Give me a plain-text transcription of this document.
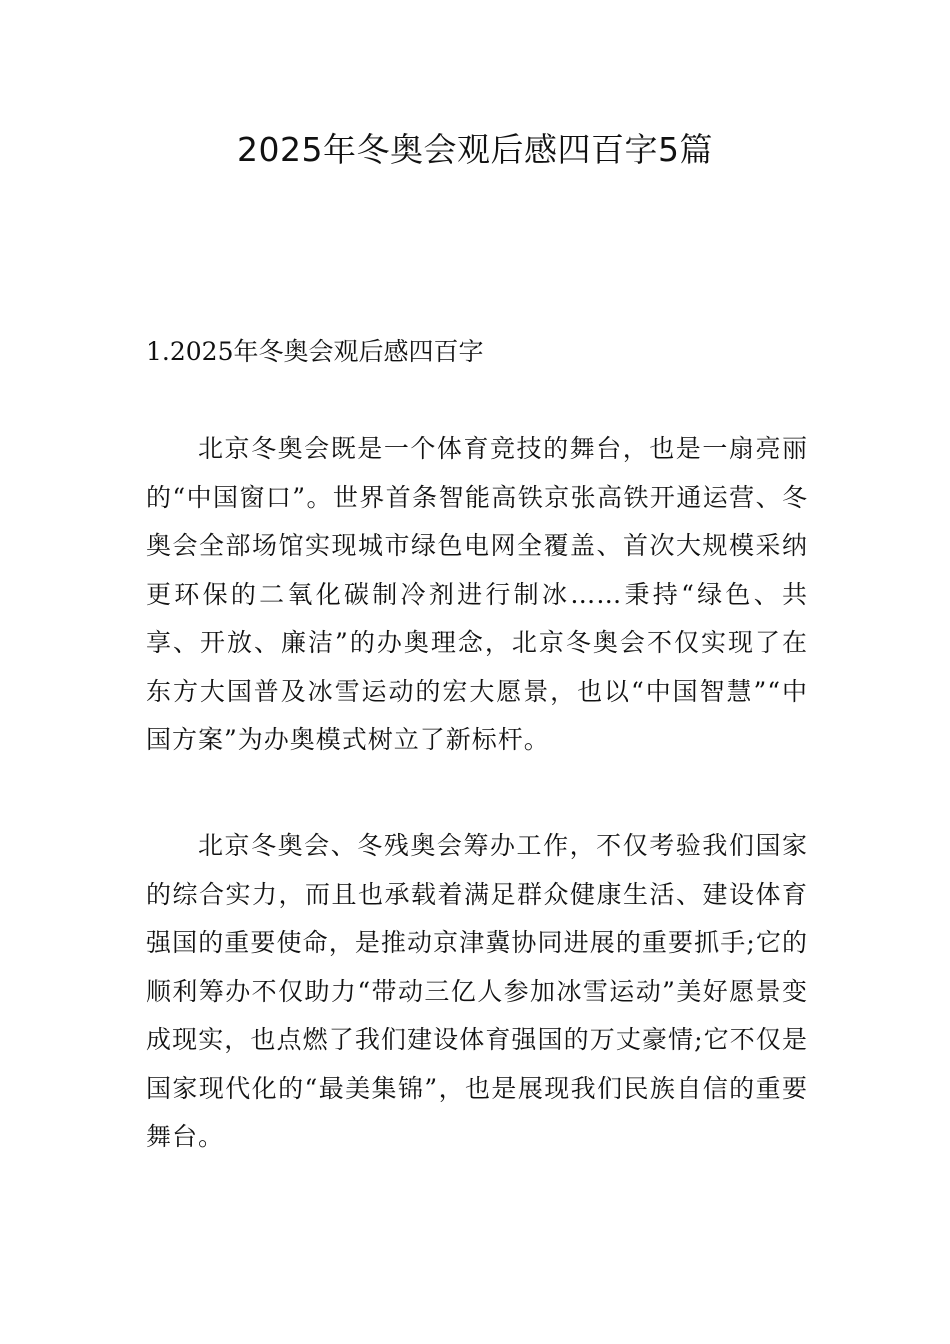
2025年冬奥会观后感四百字5篇
1.2025年冬奥会观后感四百字

北京冬奥会既是一个体育竞技的舞台，也是一扇亮丽的“中国窗口”。世界首条智能高铁京张高铁开通运营、冬奥会全部场馆实现城市绿色电网全覆盖、首次大规模采纳更环保的二氧化碳制冷剂进行制冰……秉持“绿色、共享、开放、廉洁”的办奥理念，北京冬奥会不仅实现了在东方大国普及冰雪运动的宏大愿景，也以“中国智慧”“中国方案”为办奥模式树立了新标杆。

北京冬奥会、冬残奥会筹办工作，不仅考验我们国家的综合实力，而且也承载着满足群众健康生活、建设体育强国的重要使命，是推动京津冀协同进展的重要抓手;它的顺利筹办不仅助力“带动三亿人参加冰雪运动”美好愿景变成现实，也点燃了我们建设体育强国的万丈豪情;它不仅是国家现代化的“最美集锦”，也是展现我们民族自信的重要舞台。
